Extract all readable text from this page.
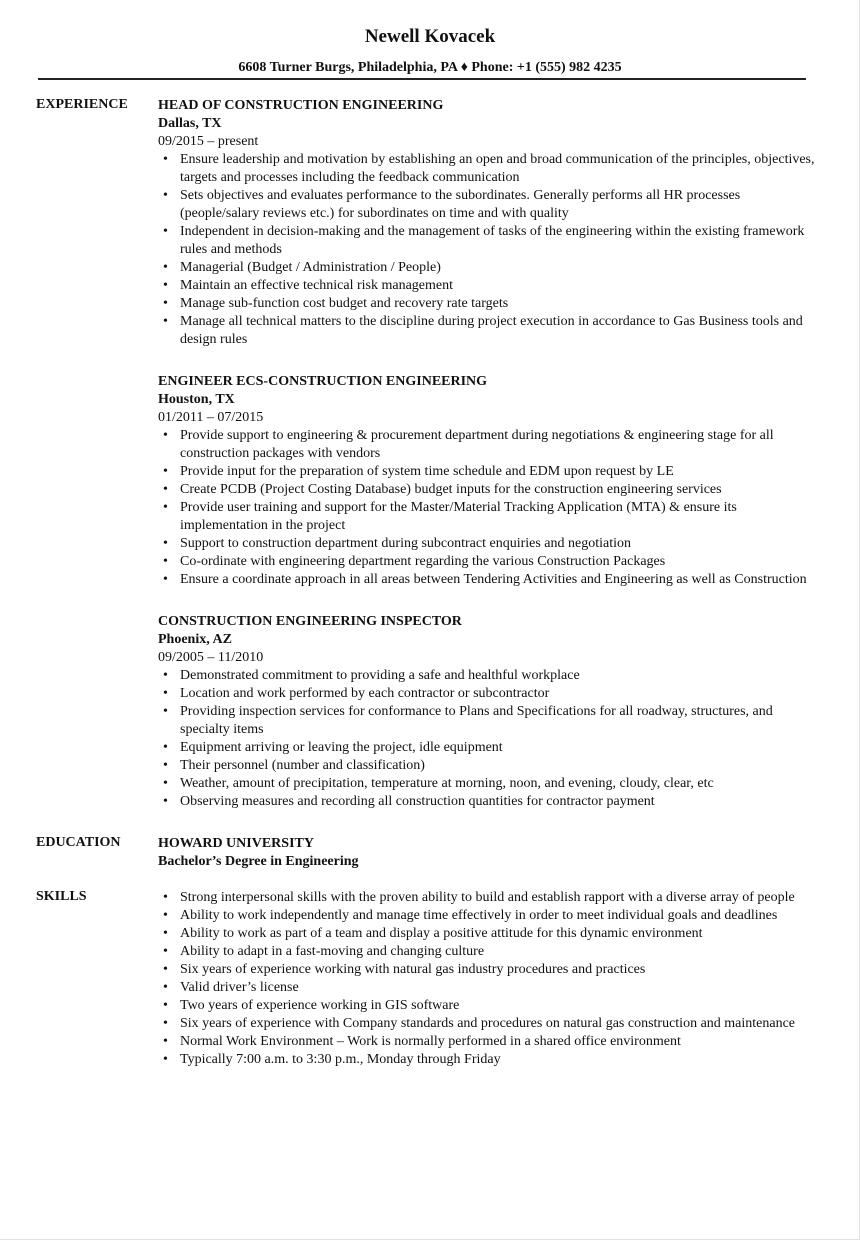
Newell Kovacek
6608 Turner Burgs, Philadelphia, PA ♦ Phone: +1 (555) 982 4235
EXPERIENCE HEAD OF CONSTRUCTION ENGINEERING
Dallas, TX
09/2015 – present
• Ensure leadership and motivation by establishing an open and broad communication of the principles, objectives, targets and processes including the feedback communication
• Sets objectives and evaluates performance to the subordinates. Generally performs all HR processes (people/salary reviews etc.) for subordinates on time and with quality
• Independent in decision-making and the management of tasks of the engineering within the existing framework rules and methods
• Managerial (Budget / Administration / People)
• Maintain an effective technical risk management
• Manage sub-function cost budget and recovery rate targets
• Manage all technical matters to the discipline during project execution in accordance to Gas Business tools and design rules
ENGINEER ECS-CONSTRUCTION ENGINEERING
Houston, TX
01/2011 – 07/2015
• Provide support to engineering & procurement department during negotiations & engineering stage for all construction packages with vendors
• Provide input for the preparation of system time schedule and EDM upon request by LE
• Create PCDB (Project Costing Database) budget inputs for the construction engineering services
• Provide user training and support for the Master/Material Tracking Application (MTA) & ensure its implementation in the project
• Support to construction department during subcontract enquiries and negotiation
• Co-ordinate with engineering department regarding the various Construction Packages
• Ensure a coordinate approach in all areas between Tendering Activities and Engineering as well as Construction
CONSTRUCTION ENGINEERING INSPECTOR
Phoenix, AZ
09/2005 – 11/2010
• Demonstrated commitment to providing a safe and healthful workplace
• Location and work performed by each contractor or subcontractor
• Providing inspection services for conformance to Plans and Specifications for all roadway, structures, and specialty items
• Equipment arriving or leaving the project, idle equipment
• Their personnel (number and classification)
• Weather, amount of precipitation, temperature at morning, noon, and evening, cloudy, clear, etc
• Observing measures and recording all construction quantities for contractor payment
EDUCATION	HOWARD UNIVERSITY
Bachelor’s Degree in Engineering
SKILLS
•	Strong interpersonal skills with the proven ability to build and establish rapport with a diverse array of people
• Ability to work independently and manage time effectively in order to meet individual goals and deadlines
• Ability to work as part of a team and display a positive attitude for this dynamic environment
• Ability to adapt in a fast-moving and changing culture
• Six years of experience working with natural gas industry procedures and practices
• Valid driver’s license
• Two years of experience working in GIS software
• Six years of experience with Company standards and procedures on natural gas construction and maintenance
• Normal Work Environment – Work is normally performed in a shared office environment
• Typically 7:00 a.m. to 3:30 p.m., Monday through Friday
